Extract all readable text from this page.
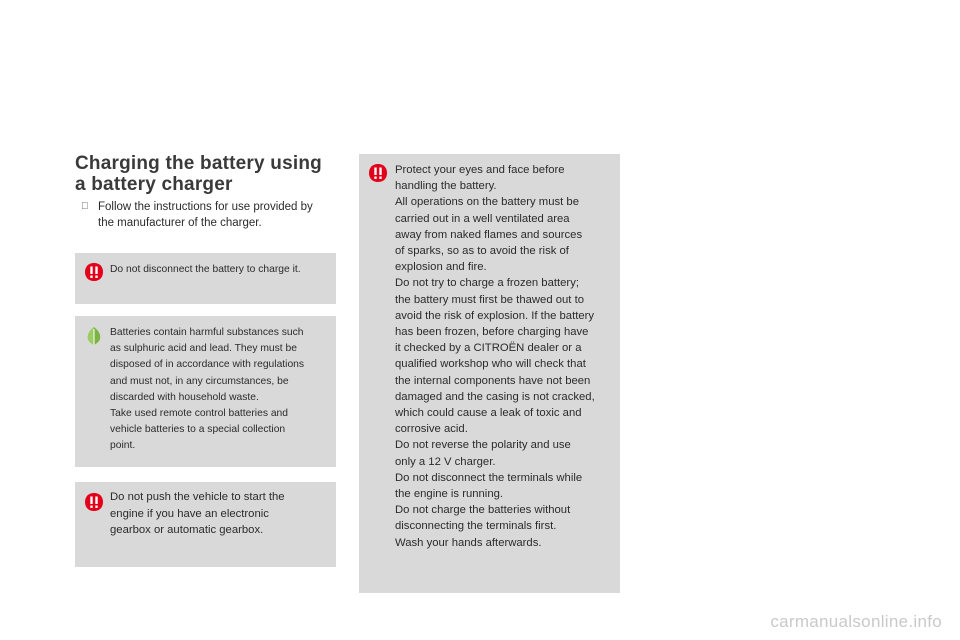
Charging the battery using
a battery charger
Follow the instructions for use provided by
the manufacturer of the charger.
Do not disconnect the battery to charge it.
Batteries contain harmful substances such
as sulphuric acid and lead. They must be
disposed of in accordance with regulations
and must not, in any circumstances, be
discarded with household waste.
Take used remote control batteries and
vehicle batteries to a special collection
point.
Do not push the vehicle to start the
engine if you have an electronic
gearbox or automatic gearbox.
Protect your eyes and face before
handling the battery.
All operations on the battery must be
carried out in a well ventilated area
away from naked flames and sources
of sparks, so as to avoid the risk of
explosion and fire.
Do not try to charge a frozen battery;
the battery must first be thawed out to
avoid the risk of explosion. If the battery
has been frozen, before charging have
it checked by a CITROËN dealer or a
qualified workshop who will check that
the internal components have not been
damaged and the casing is not cracked,
which could cause a leak of toxic and
corrosive acid.
Do not reverse the polarity and use
only a 12 V charger.
Do not disconnect the terminals while
the engine is running.
Do not charge the batteries without
disconnecting the terminals first.
Wash your hands afterwards.
carmanualsonline.info
